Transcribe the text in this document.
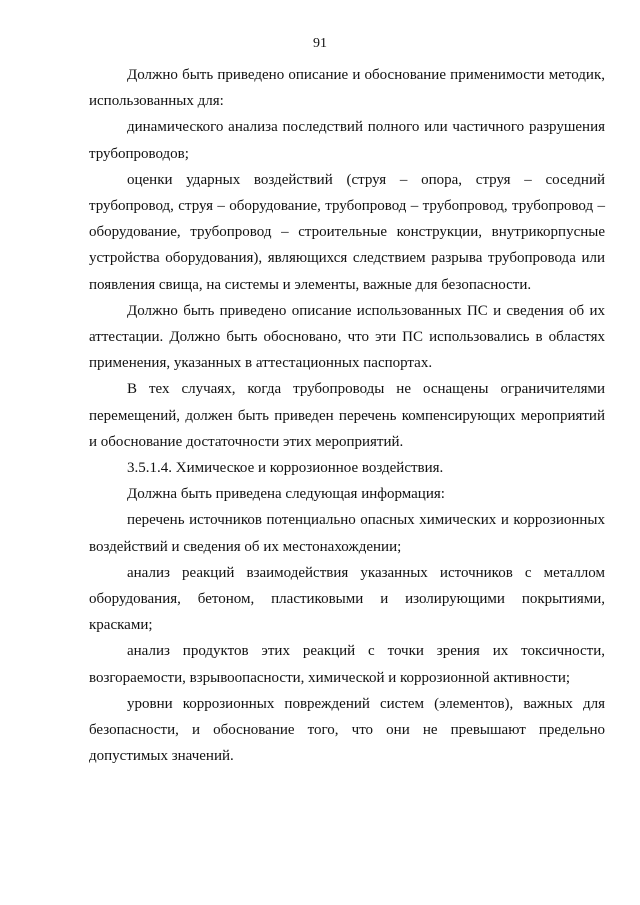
91

Должно быть приведено описание и обоснование применимости методик, использованных для:

динамического анализа последствий полного или частичного разрушения трубопроводов;

оценки ударных воздействий (струя – опора, струя – соседний трубопровод, струя – оборудование, трубопровод – трубопровод, трубопровод – оборудование, трубопровод – строительные конструкции, внутрикорпусные устройства оборудования), являющихся следствием разрыва трубопровода или появления свища, на системы и элементы, важные для безопасности.

Должно быть приведено описание использованных ПС и сведения об их аттестации. Должно быть обосновано, что эти ПС использовались в областях применения, указанных в аттестационных паспортах.

В тех случаях, когда трубопроводы не оснащены ограничителями перемещений, должен быть приведен перечень компенсирующих мероприятий и обоснование достаточности этих мероприятий.

3.5.1.4. Химическое и коррозионное воздействия.

Должна быть приведена следующая информация:

перечень источников потенциально опасных химических и коррозионных воздействий и сведения об их местонахождении;

анализ реакций взаимодействия указанных источников с металлом оборудования, бетоном, пластиковыми и изолирующими покрытиями, красками;

анализ продуктов этих реакций с точки зрения их токсичности, возгораемости, взрывоопасности, химической и коррозионной активности;

уровни коррозионных повреждений систем (элементов), важных для безопасности, и обоснование того, что они не превышают предельно допустимых значений.
